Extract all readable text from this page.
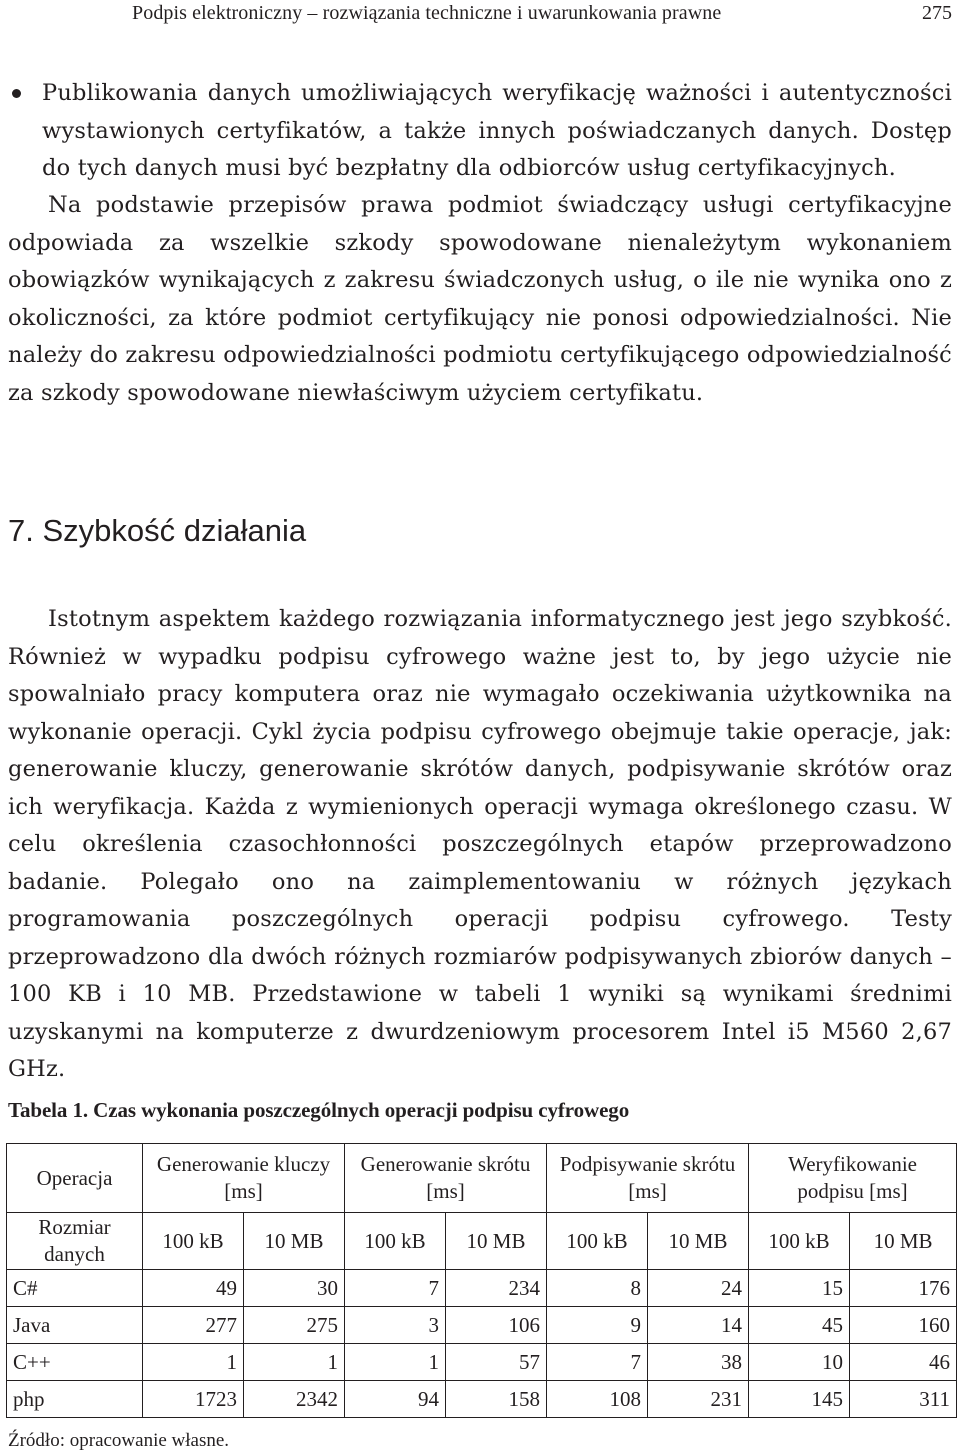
Podpis elektroniczny – rozwiązania techniczne i uwarunkowania prawne	275
Publikowania danych umożliwiających weryfikację ważności i autentyczności wystawionych certyfikatów, a także innych poświadczanych danych. Dostęp do tych danych musi być bezpłatny dla odbiorców usług certyfikacyjnych.

Na podstawie przepisów prawa podmiot świadczący usługi certyfikacyjne odpowiada za wszelkie szkody spowodowane nienależytym wykonaniem obowiązków wynikających z zakresu świadczonych usług, o ile nie wynika ono z okoliczności, za które podmiot certyfikujący nie ponosi odpowiedzialności. Nie należy do zakresu odpowiedzialności podmiotu certyfikującego odpowiedzialność za szkody spowodowane niewłaściwym użyciem certyfikatu.

7. Szybkość działania

Istotnym aspektem każdego rozwiązania informatycznego jest jego szybkość. Również w wypadku podpisu cyfrowego ważne jest to, by jego użycie nie spowalniało pracy komputera oraz nie wymagało oczekiwania użytkownika na wykonanie operacji. Cykl życia podpisu cyfrowego obejmuje takie operacje, jak: generowanie kluczy, generowanie skrótów danych, podpisywanie skrótów oraz ich weryfikacja. Każda z wymienionych operacji wymaga określonego czasu. W celu określenia czasochłonności poszczególnych etapów przeprowadzono badanie. Polegało ono na zaimplementowaniu w różnych językach programowania poszczególnych operacji podpisu cyfrowego. Testy przeprowadzono dla dwóch różnych rozmiarów podpisywanych zbiorów danych – 100 KB i 10 MB. Przedstawione w tabeli 1 wyniki są wynikami średnimi uzyskanymi na komputerze z dwurdzeniowym procesorem Intel i5 M560 2,67 GHz.

Tabela 1. Czas wykonania poszczególnych operacji podpisu cyfrowego
Operacja	Generowanie kluczy [ms]		Generowanie skrótu [ms]		Podpisywanie skrótu [ms]		Weryfikowanie podpisu [ms]	
Rozmiar danych	100 kB	10 MB	100 kB	10 MB	100 kB	10 MB	100 kB	10 MB
C#	49	30	7	234	8	24	15	176
Java	277	275	3	106	9	14	45	160
C++	1	1	1	57	7	38	10	46
php	1723	2342	94	158	108	231	145	311
Źródło: opracowanie własne.
